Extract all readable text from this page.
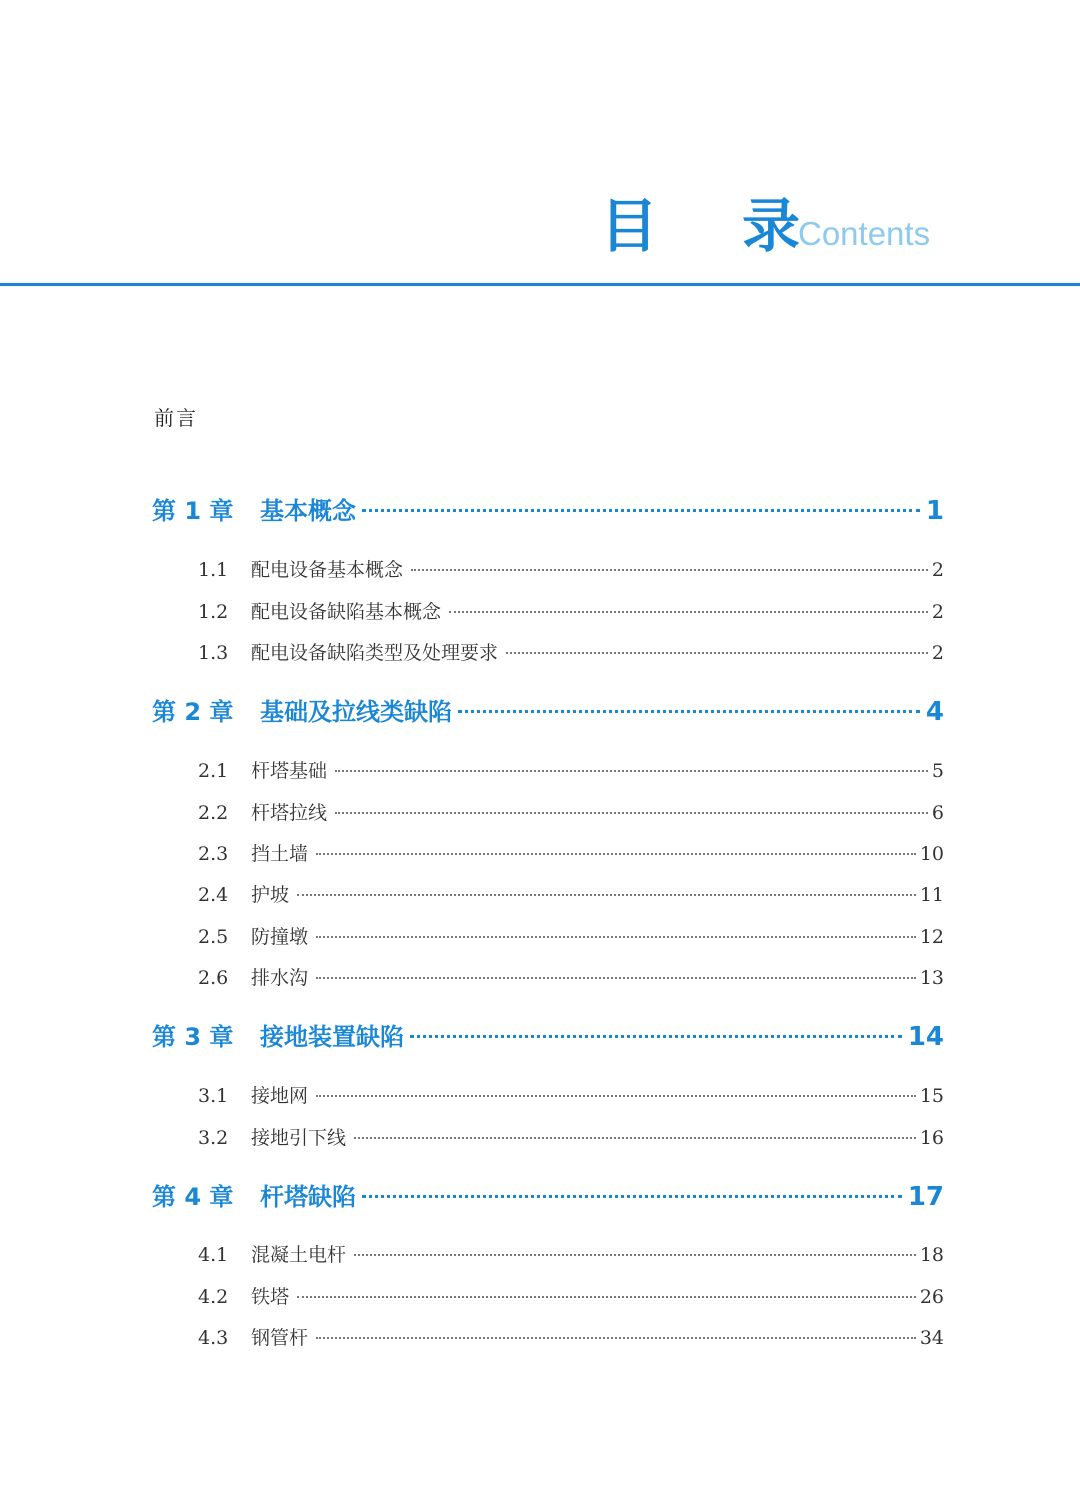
目 录
Contents
前言
第 1 章	基本概念	1
1.1	配电设备基本概念	2
1.2	配电设备缺陷基本概念	2
1.3	配电设备缺陷类型及处理要求	2
第 2 章	基础及拉线类缺陷	4
2.1	杆塔基础	5
2.2	杆塔拉线	6
2.3	挡土墙	10
2.4	护坡	11
2.5	防撞墩	12
2.6	排水沟	13
第 3 章	接地装置缺陷	14
3.1	接地网	15
3.2	接地引下线	16
第 4 章	杆塔缺陷	17
4.1	混凝土电杆	18
4.2	铁塔	26
4.3	钢管杆	34
